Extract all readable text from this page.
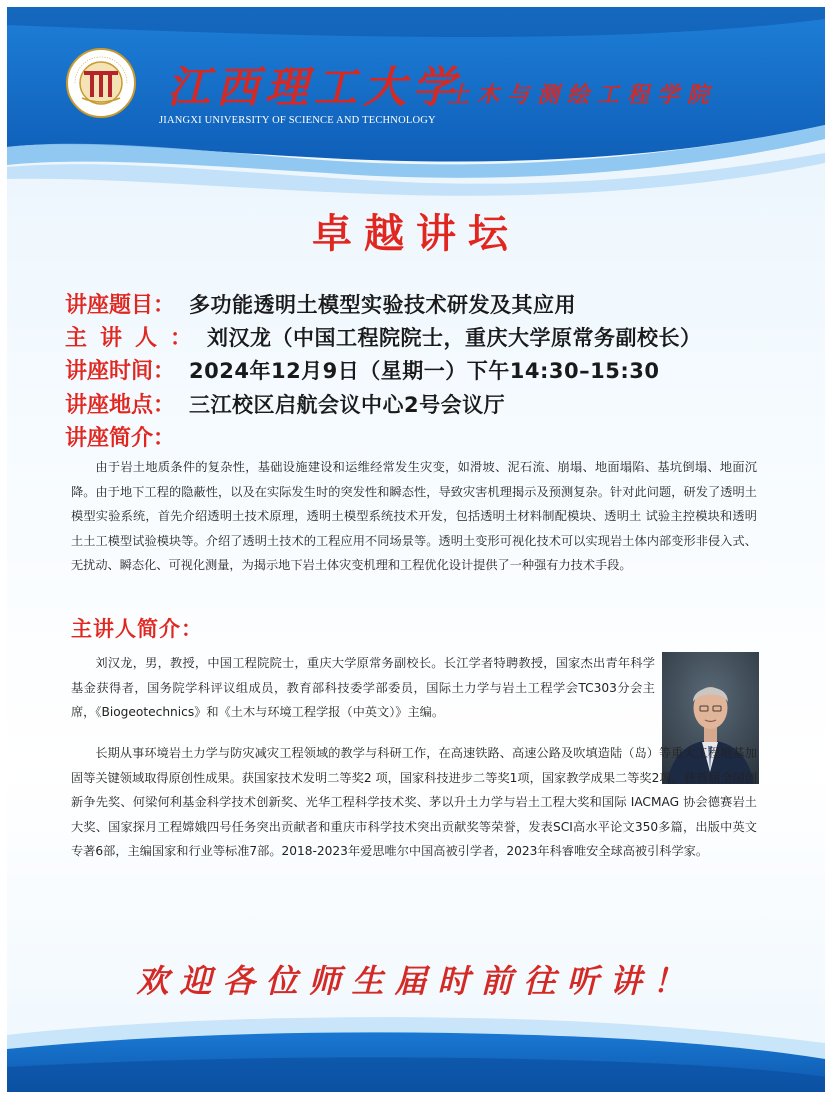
江西理工大学
土木与测绘工程学院
JIANGXI UNIVERSITY OF SCIENCE AND TECHNOLOGY
卓越讲坛
讲座题目： 多功能透明土模型实验技术研发及其应用
主讲人：刘汉龙（中国工程院院士，重庆大学原常务副校长）
讲座时间： 2024年12月9日（星期一）下午14:30–15:30
讲座地点： 三江校区启航会议中心2号会议厅
讲座简介：

由于岩土地质条件的复杂性，基础设施建设和运维经常发生灾变，如滑坡、泥石流、崩塌、地面塌陷、基坑倒塌、地面沉降。由于地下工程的隐蔽性，以及在实际发生时的突发性和瞬态性，导致灾害机理揭示及预测复杂。针对此问题，研发了透明土模型实验系统，首先介绍透明土技术原理，透明土模型系统技术开发，包括透明土材料制配模块、透明土 试验主控模块和透明土土工模型试验模块等。介绍了透明土技术的工程应用不同场景等。透明土变形可视化技术可以实现岩土体内部变形非侵入式、无扰动、瞬态化、可视化测量，为揭示地下岩土体灾变机理和工程优化设计提供了一种强有力技术手段。

主讲人简介：

刘汉龙，男，教授，中国工程院院士，重庆大学原常务副校长。长江学者特聘教授，国家杰出青年科学基金获得者，国务院学科评议组成员，教育部科技委学部委员，国际土力学与岩土工程学会TC303分会主席，《Biogeotechnics》和《土木与环境工程学报（中英文）》主编。

长期从事环境岩土力学与防灾减灾工程领域的教学与科研工作，在高速铁路、高速公路及吹填造陆（岛）等重大工程地基加固等关键领域取得原创性成果。获国家技术发明二等奖2 项，国家科技进步二等奖1项，国家教学成果二等奖2项。获首届全国创新争先奖、何梁何利基金科学技术创新奖、光华工程科学技术奖、茅以升土力学与岩土工程大奖和国际 IACMAG 协会德赛岩土大奖、国家探月工程嫦娥四号任务突出贡献者和重庆市科学技术突出贡献奖等荣誉，发表SCI高水平论文350多篇，出版中英文专著6部，主编国家和行业等标准7部。2018-2023年爱思唯尔中国高被引学者，2023年科睿唯安全球高被引科学家。

欢迎各位师生届时前往听讲！
